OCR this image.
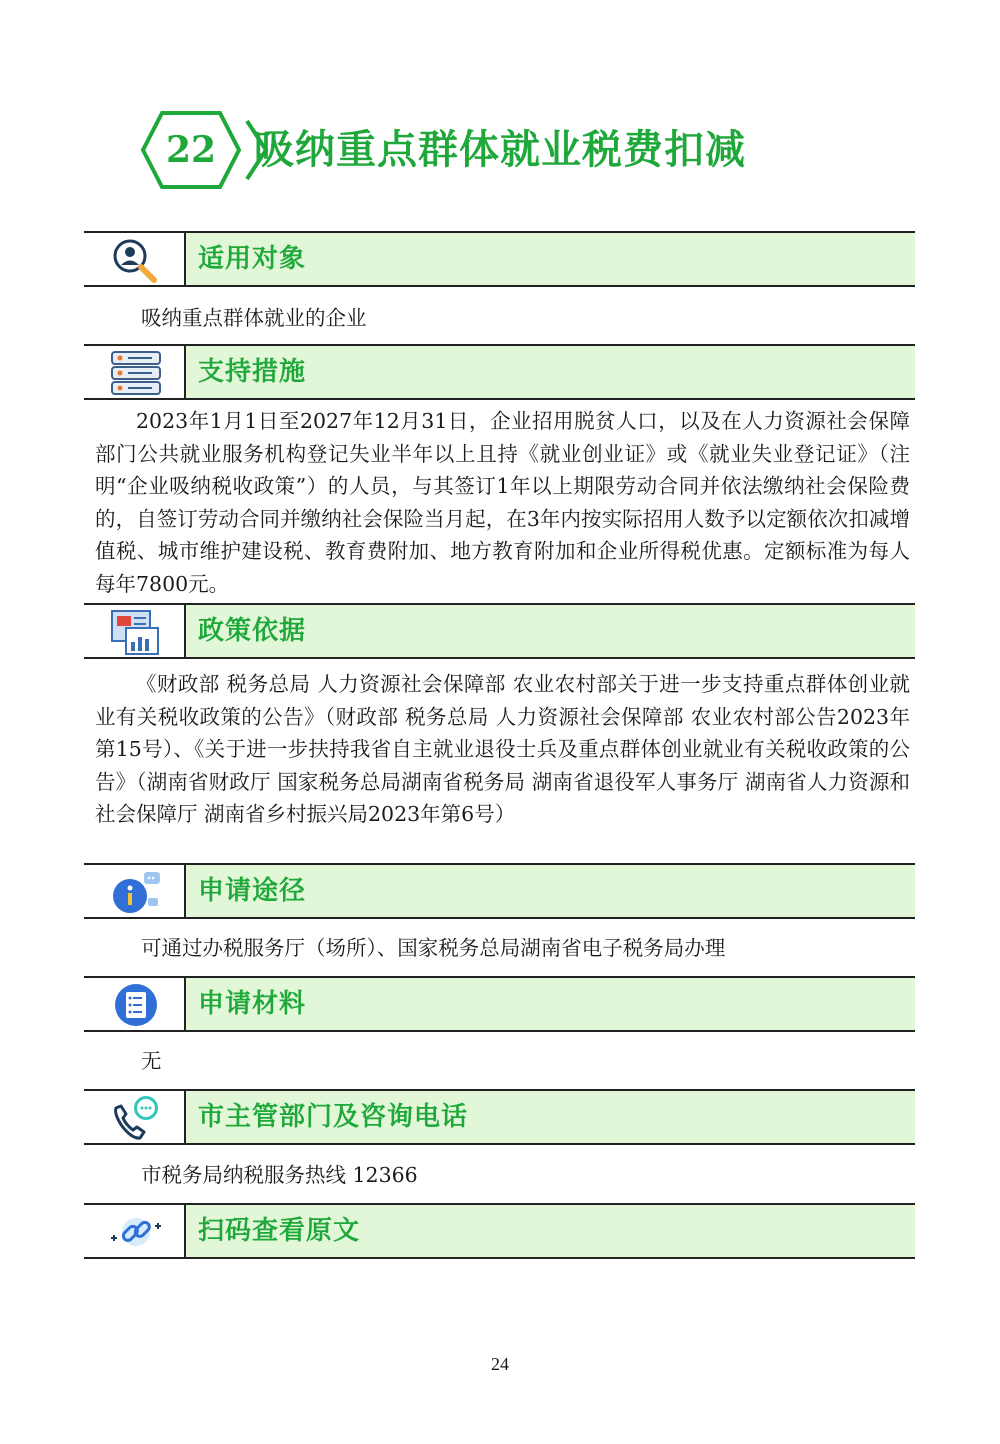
22 吸纳重点群体就业税费扣减
适用对象
吸纳重点群体就业的企业
支持措施

2023年1月1日至2027年12月31日，企业招用脱贫人口，以及在人力资源社会保障部门公共就业服务机构登记失业半年以上且持《就业创业证》或《就业失业登记证》（注明“企业吸纳税收政策”）的人员，与其签订1年以上期限劳动合同并依法缴纳社会保险费的，自签订劳动合同并缴纳社会保险当月起，在3年内按实际招用人数予以定额依次扣减增值税、城市维护建设税、教育费附加、地方教育附加和企业所得税优惠。定额标准为每人每年7800元。

政策依据

《财政部 税务总局 人力资源社会保障部 农业农村部关于进一步支持重点群体创业就业有关税收政策的公告》（财政部 税务总局 人力资源社会保障部 农业农村部公告2023年第15号）、《关于进一步扶持我省自主就业退役士兵及重点群体创业就业有关税收政策的公告》（湖南省财政厅 国家税务总局湖南省税务局 湖南省退役军人事务厅 湖南省人力资源和社会保障厅 湖南省乡村振兴局2023年第6号）

申请途径
可通过办税服务厅（场所）、国家税务总局湖南省电子税务局办理
申请材料
无
市主管部门及咨询电话
市税务局纳税服务热线 12366
扫码查看原文
24
